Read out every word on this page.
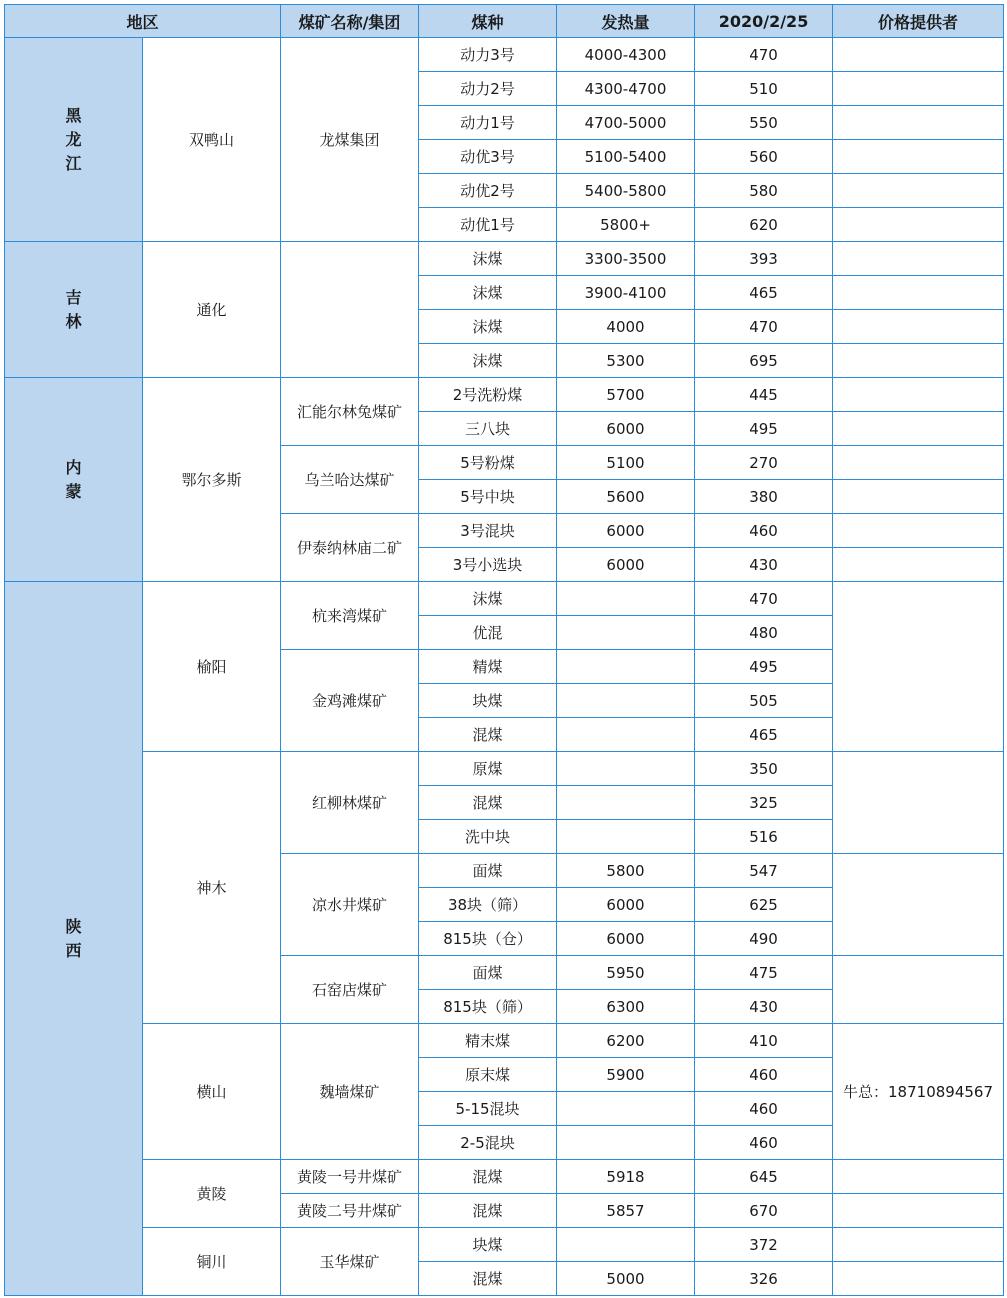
地区		煤矿名称/集团	煤种	发热量	2020/2/25	价格提供者
黑龙江	双鸭山	龙煤集团	动力3号	4000-4300	470	
			动力2号	4300-4700	510	
			动力1号	4700-5000	550	
			动优3号	5100-5400	560	
			动优2号	5400-5800	580	
			动优1号	5800+	620	
吉林	通化		沫煤	3300-3500	393	
			沫煤	3900-4100	465	
			沫煤	4000	470	
			沫煤	5300	695	
内蒙	鄂尔多斯	汇能尔林兔煤矿	2号洗粉煤	5700	445	
			三八块	6000	495	
		乌兰哈达煤矿	5号粉煤	5100	270	
			5号中块	5600	380	
		伊泰纳林庙二矿	3号混块	6000	460	
			3号小选块	6000	430	
陕西	榆阳	杭来湾煤矿	沫煤		470	
			优混		480	
		金鸡滩煤矿	精煤		495	
			块煤		505	
			混煤		465	
	神木	红柳林煤矿	原煤		350	
			混煤		325	
			洗中块		516	
		凉水井煤矿	面煤	5800	547	
			38块（筛）	6000	625	
			815块（仓）	6000	490	
		石窑店煤矿	面煤	5950	475	
			815块（筛）	6300	430	
	横山	魏墙煤矿	精末煤	6200	410	牛总：18710894567
			原末煤	5900	460	
			5-15混块		460	
			2-5混块		460	
	黄陵	黄陵一号井煤矿	混煤	5918	645	
		黄陵二号井煤矿	混煤	5857	670	
	铜川	玉华煤矿	块煤		372	
			混煤	5000	326	
